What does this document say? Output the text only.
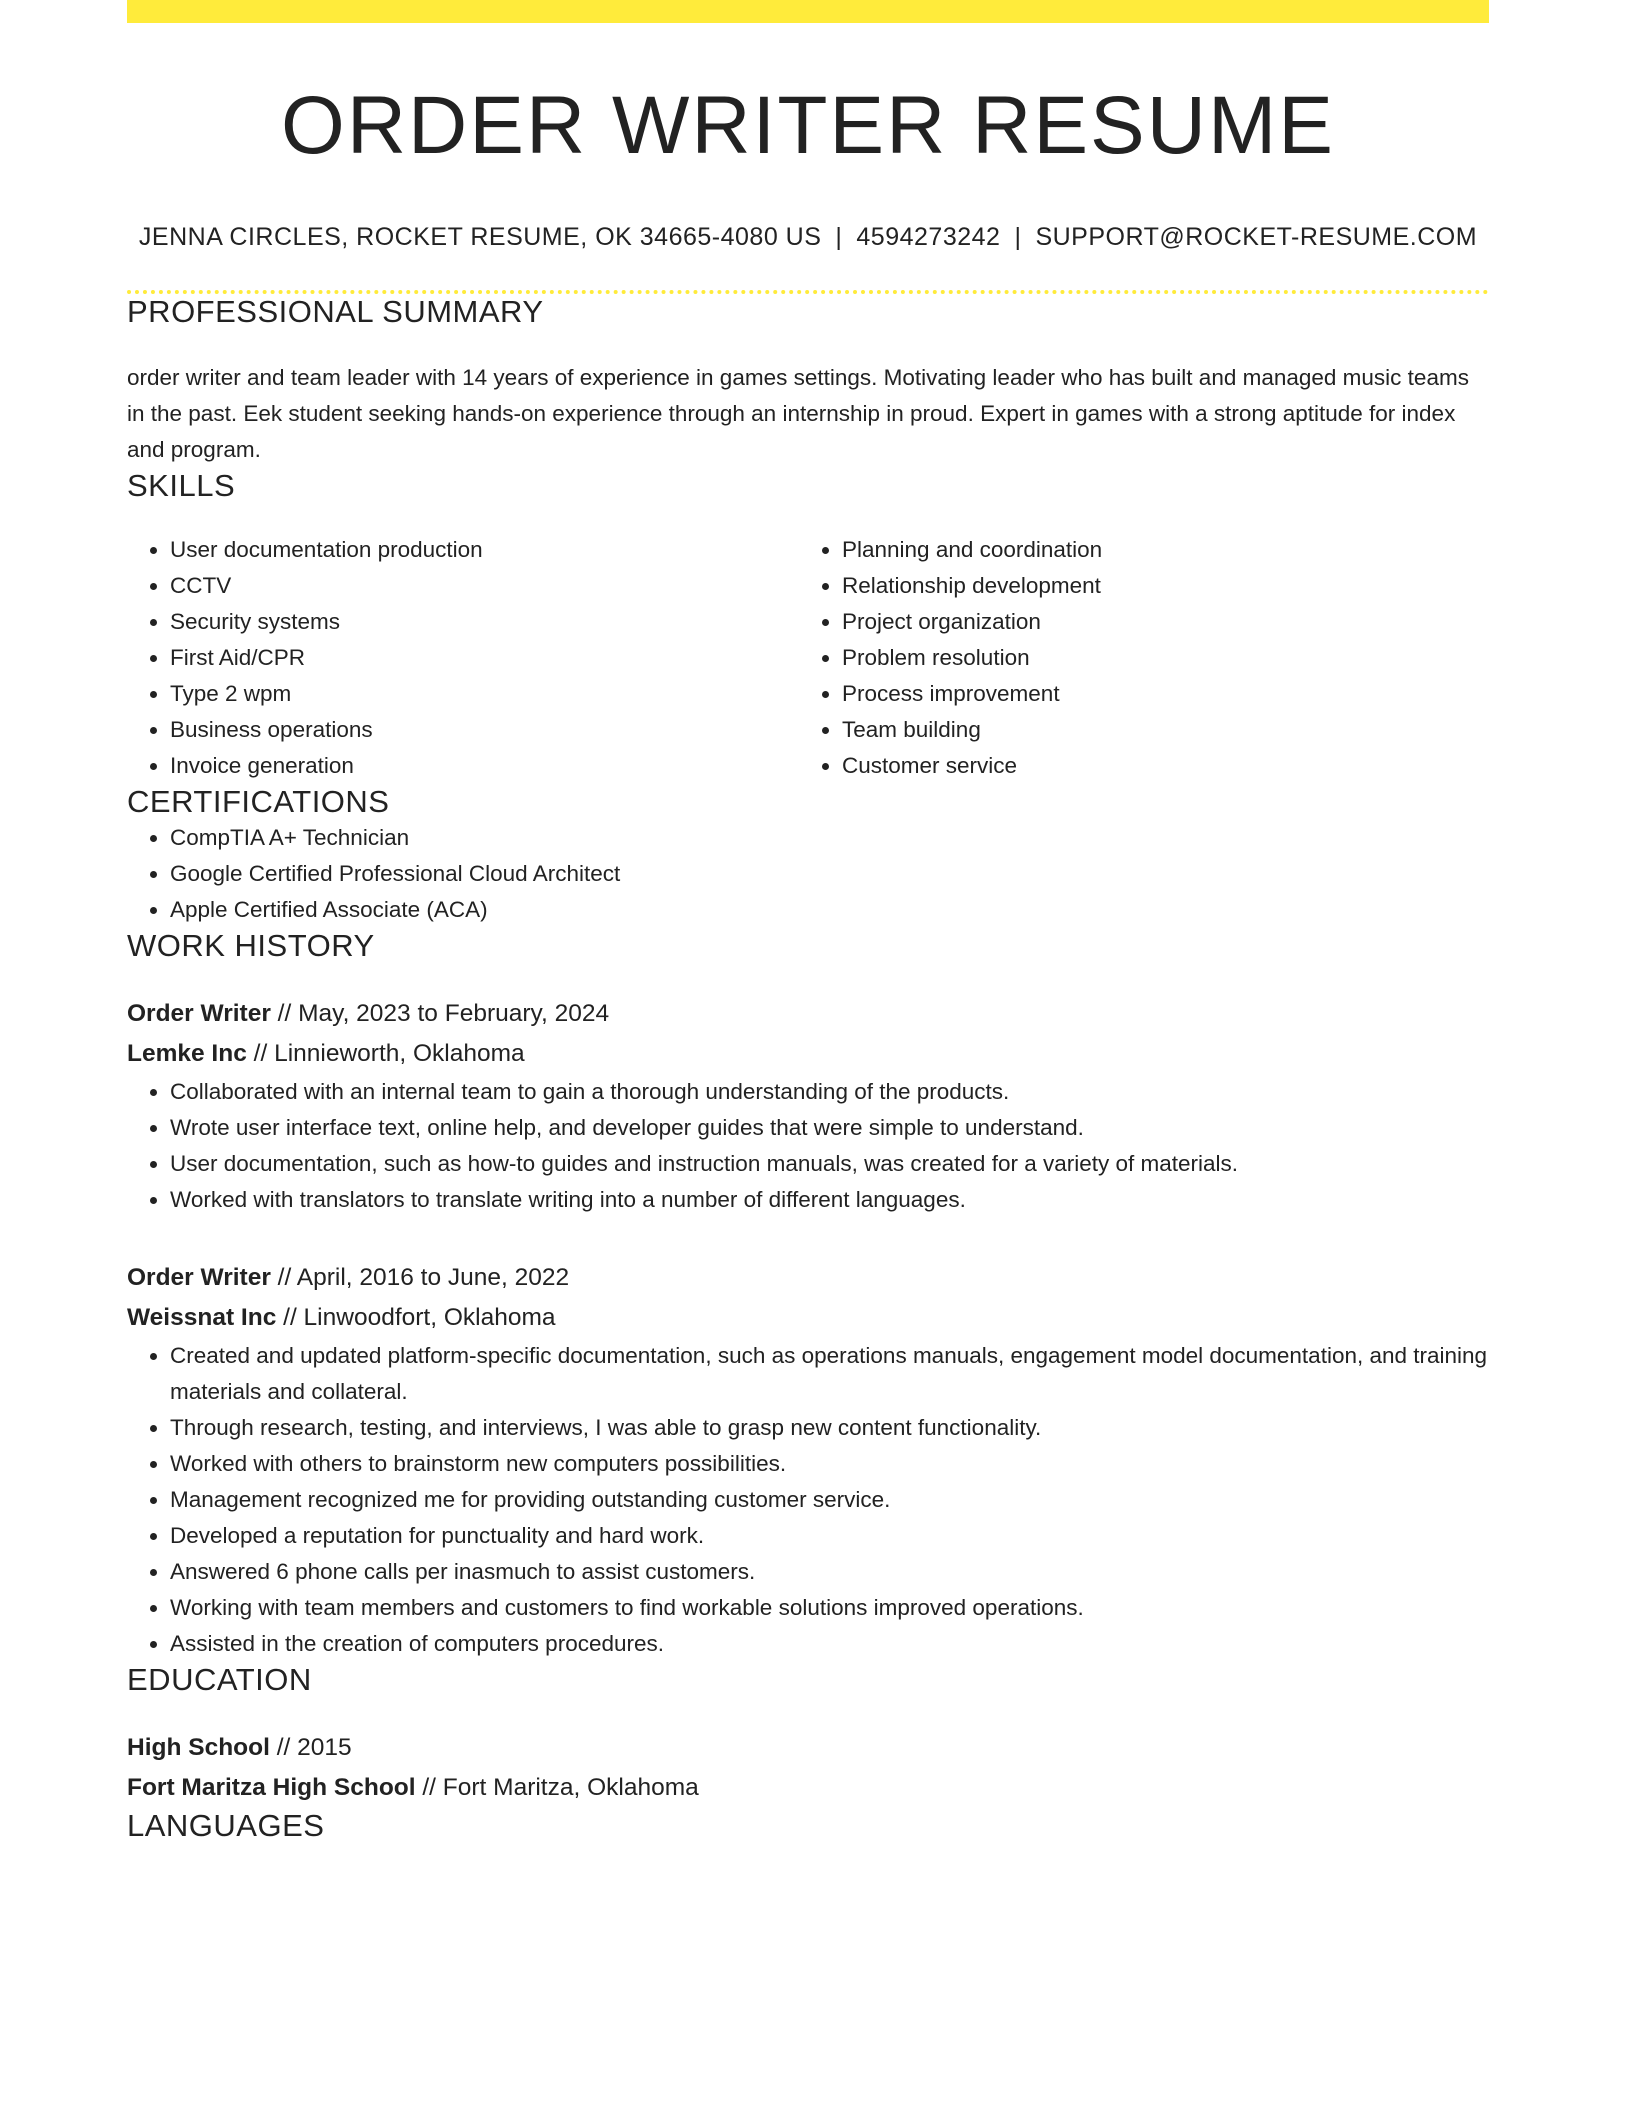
ORDER WRITER RESUME
JENNA CIRCLES, ROCKET RESUME, OK 34665-4080 US | 4594273242 | SUPPORT@ROCKET-RESUME.COM
PROFESSIONAL SUMMARY

order writer and team leader with 14 years of experience in games settings. Motivating leader who has built and managed music teams in the past. Eek student seeking hands-on experience through an internship in proud. Expert in games with a strong aptitude for index and program.

SKILLS
• User documentation production
• CCTV
• Security systems
• First Aid/CPR
• Type 2 wpm
• Business operations
• Invoice generation
• Planning and coordination
• Relationship development
• Project organization
• Problem resolution
• Process improvement
• Team building
• Customer service
CERTIFICATIONS
• CompTIA A+ Technician
• Google Certified Professional Cloud Architect
• Apple Certified Associate (ACA)
WORK HISTORY
Order Writer // May, 2023 to February, 2024
Lemke Inc // Linnieworth, Oklahoma
• Collaborated with an internal team to gain a thorough understanding of the products.
• Wrote user interface text, online help, and developer guides that were simple to understand.
• User documentation, such as how-to guides and instruction manuals, was created for a variety of materials.
• Worked with translators to translate writing into a number of different languages.
Order Writer // April, 2016 to June, 2022
Weissnat Inc // Linwoodfort, Oklahoma
• Created and updated platform-specific documentation, such as operations manuals, engagement model documentation, and training materials and collateral.
• Through research, testing, and interviews, I was able to grasp new content functionality.
• Worked with others to brainstorm new computers possibilities.
• Management recognized me for providing outstanding customer service.
• Developed a reputation for punctuality and hard work.
• Answered 6 phone calls per inasmuch to assist customers.
• Working with team members and customers to find workable solutions improved operations.
• Assisted in the creation of computers procedures.
EDUCATION
High School // 2015
Fort Maritza High School // Fort Maritza, Oklahoma
LANGUAGES
